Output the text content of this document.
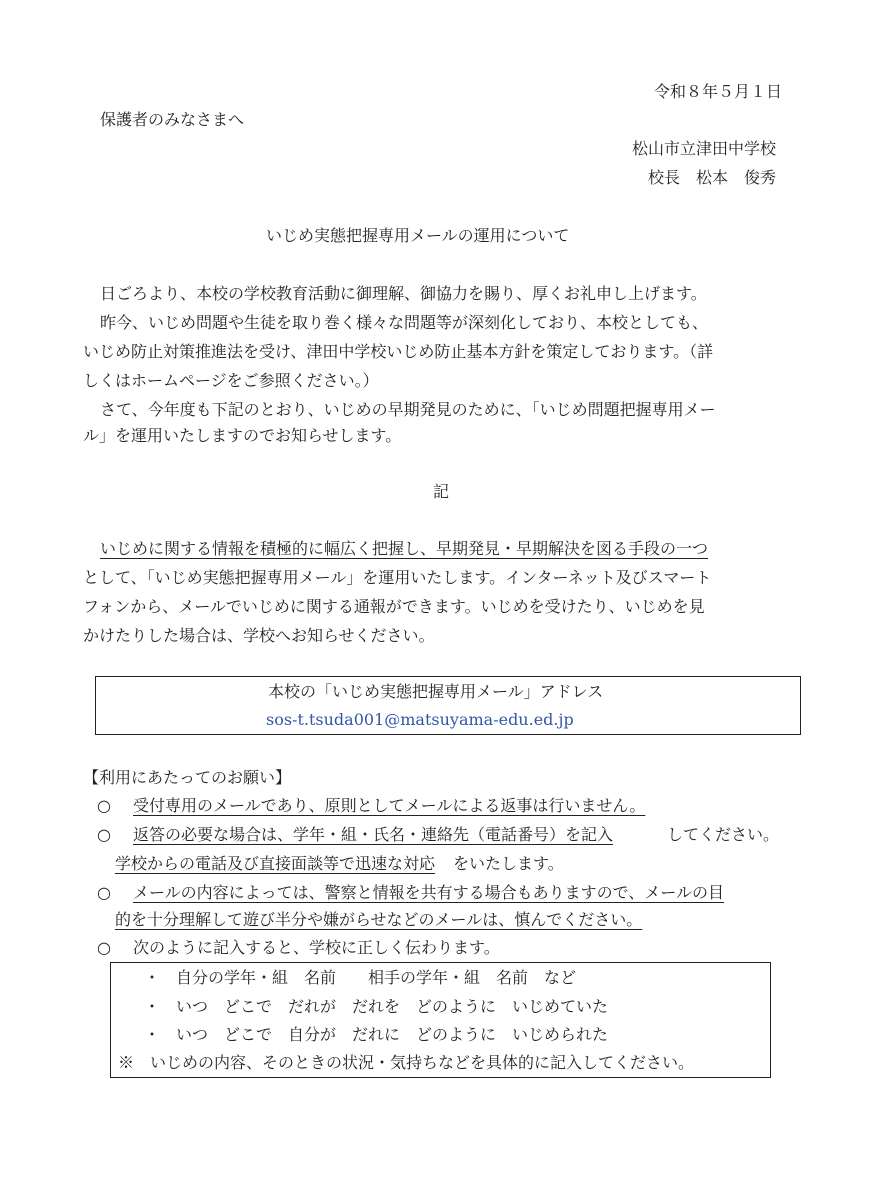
令和８年５月１日

保護者のみなさまへ

松山市立津田中学校

校長　松本　俊秀

いじめ実態把握専用メールの運用について

日ごろより、本校の学校教育活動に御理解、御協力を賜り、厚くお礼申し上げます。

昨今、いじめ問題や生徒を取り巻く様々な問題等が深刻化しており、本校としても、

いじめ防止対策推進法を受け、津田中学校いじめ防止基本方針を策定しております。（詳

しくはホームページをご参照ください。）

さて、今年度も下記のとおり、いじめの早期発見のために、「いじめ問題把握専用メー

ル」を運用いたしますのでお知らせします。

記

いじめに関する情報を積極的に幅広く把握し、早期発見・早期解決を図る手段の一つ

として、「いじめ実態把握専用メール」を運用いたします。インターネット及びスマート

フォンから、メールでいじめに関する通報ができます。いじめを受けたり、いじめを見

かけたりした場合は、学校へお知らせください。

本校の「いじめ実態把握専用メール」アドレス

sos-t.tsuda001@matsuyama-edu.ed.jp

【利用にあたってのお願い】

○ 受付専用のメールであり、原則としてメールによる返事は行いません。

○ 返答の必要な場合は、学年・組・氏名・連絡先（電話番号）を記入	してください。

学校からの電話及び直接面談等で迅速な対応 をいたします。

○ メールの内容によっては、警察と情報を共有する場合もありますので、メールの目

的を十分理解して遊び半分や嫌がらせなどのメールは、慎んでください。

○ 次のように記入すると、学校に正しく伝わります。

・　自分の学年・組　名前　　相手の学年・組　名前　など

・　いつ　どこで　だれが　だれを　どのように　いじめていた

・　いつ　どこで　自分が　だれに　どのように　いじめられた

※　いじめの内容、そのときの状況・気持ちなどを具体的に記入してください。
